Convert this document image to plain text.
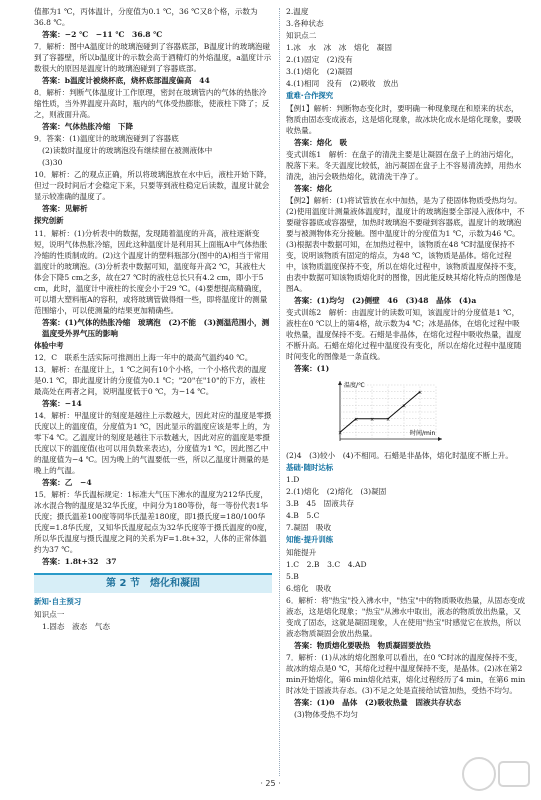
值都为1 ℃，丙体温计，分度值为0.1 ℃，36 ℃又8个格，示数为36.8 ℃。
答案：−2 ℃　−11 ℃　36.8 ℃
7．解析：图中A温度计的玻璃泡碰到了容器底部，B温度计的玻璃泡碰到了容器壁，所以b温度计的示数会高于酒精灯的外焰温度，a温度计示数很大的原因是温度计的玻璃泡碰到了容器底部。
答案：b温度计被烧杯底，烧杯底部温度偏高　44
8．解析：判断气体温度计工作原理，密封在玻璃管内的气体的热胀冷缩性质，当外界温度升高时，瓶内的气体受热膨胀，使液柱下降了；反之，则液面升高。
答案：气体热胀冷缩　下降
9．答案：(1)温度计的玻璃泡碰到了容器底
(2)读数时温度计的玻璃泡没有继续留在被测液体中
(3)30
10．解析：乙的观点正确，所以将玻璃泡放在水中后，液柱开始下降，但过一段时间后才会稳定下来，只要等到液柱稳定后读数，温度计就会显示较准确的温度了。
答案：见解析
探究创新
11．解析：(1)分析表中的数据，发现随着温度的升高，液柱逐渐变短，说明气体热胀冷缩，因此这种温度计是利用其上面瓶A中气体热胀冷缩的性质制成的。(2)这个温度计的塑料瓶部分(图中的A)相当于常用温度计的玻璃泡。(3)分析表中数据可知，温度每升高2 ℃，其液柱大体会下降5 cm之多，故在27 ℃时的液柱总长只有4.2 cm，即小于5 cm，此时，温度计中液柱的长度会小于29 ℃。(4)要想提高精确度，可以增大塑料瓶A的容积，或将玻璃管做得细一些，即将温度计的测量范围缩小，可以使测量的结果更加精确些。
答案：(1)气体的热胀冷缩　玻璃泡　(2)不能　(3)测温范围小，测温度受外界气压的影响
体验中考
12．C　联系生活实际可推测出上海一年中的最高气温约40 ℃。
13．解析：在温度计上，1 ℃之间有10个小格，一个小格代表的温度是0.1 ℃，即此温度计的分度值为0.1 ℃；"20"在"10"的下方，液柱最高处在两者之间，说明温度低于0 ℃，为−14 ℃。
答案：−14
14．解析：甲温度计的刻度是越往上示数越大，因此对应的温度是零摄氏度以上的温度值，分度值为1 ℃，因此显示的温度应该是零上的，为零下4 ℃。乙温度计的刻度是越往下示数越大，因此对应的温度是零摄氏度以下的温度值(也可以用负数来表达)，分度值为1 ℃，因此图乙中的温度值为−4 ℃。因为晚上的气温要低一些，所以乙温度计测量的是晚上的气温。
答案：乙　−4
15．解析：华氏温标规定：1标准大气压下沸水的温度为212华氏度，冰水混合物的温度是32华氏度，中间分为180等份，每一等份代表1华氏度；摄氏温差100度等同华氏温差180度，即1摄氏度=180/100华氏度=1.8华氏度，又知华氏温度起点为32华氏度等于摄氏温度的0度，所以华氏温度与摄氏温度之间的关系为F=1.8t+32，人体的正常体温约为37 ℃。
答案：1.8t+32　37
第 2 节　熔化和凝固
新知·自主预习
知识点一
1.固态　液态　气态
2.温度
3.各种状态
知识点二
1.冰　水　冰　冰　熔化　凝固
2.(1)固定　(2)没有
3.(1)熔化　(2)凝固
4.(1)相同　没有　(2)吸收　放出
重难·合作探究
【例1】解析：判断物态变化时，要明确一种现象现在和原来的状态，物质由固态变成液态，这是熔化现象，故冰块化成水是熔化现象，要吸收热量。
答案：熔化　吸
变式训练1　解析：在盘子的清洗主要是让凝固在盘子上的油污熔化，脱落下来。冬天温度比较低，油污凝固在盘子上不容易清洗掉，用热水清洗，油污会吸热熔化，就清洗干净了。
答案：熔化
【例2】解析：(1)将试管放在水中加热，是为了使固体物质受热均匀。(2)使用温度计测量液体温度时，温度计的玻璃泡要全部浸入液体中，不要碰容器底或容器壁，加热时玻璃泡不要碰到容器底，温度计的玻璃泡要与被测物体充分接触。图中温度计的分度值为1 ℃，示数为46 ℃。(3)根据表中数据可知，在加热过程中，该物质在48 ℃时温度保持不变，说明该物质有固定的熔点，为48 ℃，该物质是晶体。熔化过程中，该物质温度保持不变，所以在熔化过程中，该物质温度保持不变，由表中数据可知该物质熔化时的图像，因此能反映其熔化特点的图像是图A。
答案：(1)均匀　(2)侧壁　46　(3)48　晶体　(4)a
变式训练2　解析：由温度计的读数可知，该温度计的分度值是1 ℃，液柱在0 ℃以上的第4格，故示数为4 ℃；冰是晶体，在熔化过程中吸收热量，温度保持不变。石蜡是非晶体，在熔化过程中吸收热量，温度不断升高。石蜡在熔化过程中温度没有变化，所以在熔化过程中温度随时间变化的图像是一条直线。
答案：(1)
×
× × ×
×
×
温度/℃
时间/min
(2)4　(3)较小　(4)不相同。石蜡是非晶体，熔化时温度不断上升。
基础·随时达标
1.D
2.(1)熔化　(2)熔化　(3)凝固
3.B　45　固液共存
4.B　5.C
7.凝固　吸收
知能·提升训练
知能提升
1.C　2.B　3.C　4.AD
5.B
6.熔化　吸收
6．解析：将"热宝"投入沸水中，"热宝"中的物质吸收热量，从固态变成液态，这是熔化现象；"热宝"从沸水中取出，液态的物质放出热量，又变成了固态，这就是凝固现象，人在使用"热宝"时感觉它在放热，所以液态物质凝固会放出热量。
答案：物质熔化要吸热　物质凝固要放热
7．解析：(1)从冰的熔化图象可以看出，在0 ℃时冰的温度保持不变，故冰的熔点是0 ℃，其熔化过程中温度保持不变，是晶体。(2)冰在第2 min开始熔化，第6 min熔化结束，熔化过程经历了4 min，在第6 min时冰处于固液共存态。(3)不足之处是直接给试管加热，受热不均匀。
答案：(1)0　晶体　(2)吸收热量　固液共存状态
(3)物体受热不均匀
· 25 ·
